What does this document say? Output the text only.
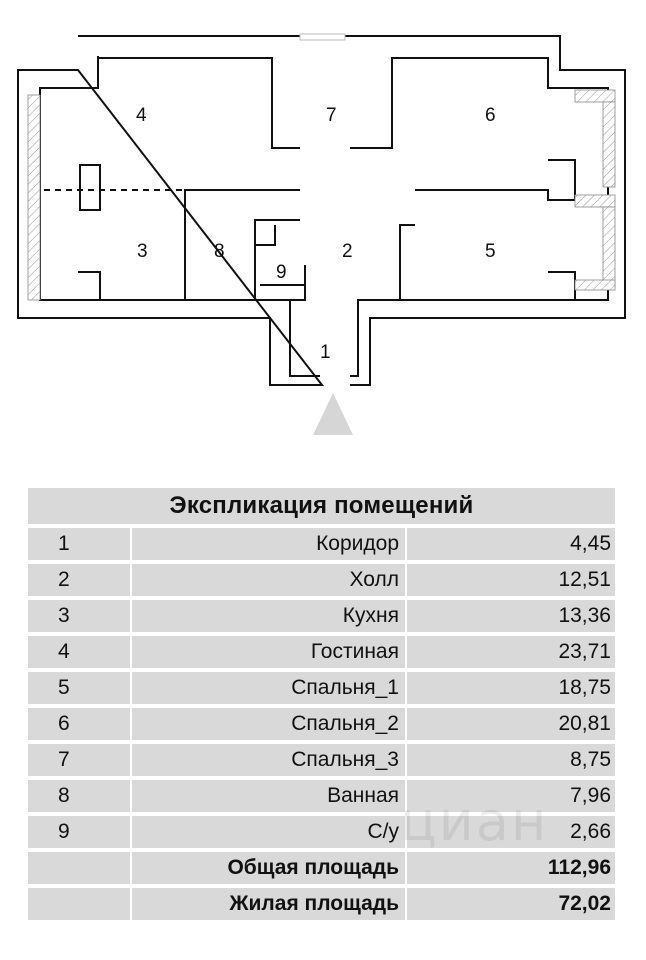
1
2
3
4
5
6
7
8
9
Экспликация помещений				
1		Коридор		4,45
2		Холл		12,51
3		Кухня		13,36
4		Гостиная		23,71
5		Спальня_1		18,75
6		Спальня_2		20,81
7		Спальня_3		8,75
8		Ванная		7,96
9		С/у		2,66
		Общая площадь		112,96
		Жилая площадь		72,02
циан
